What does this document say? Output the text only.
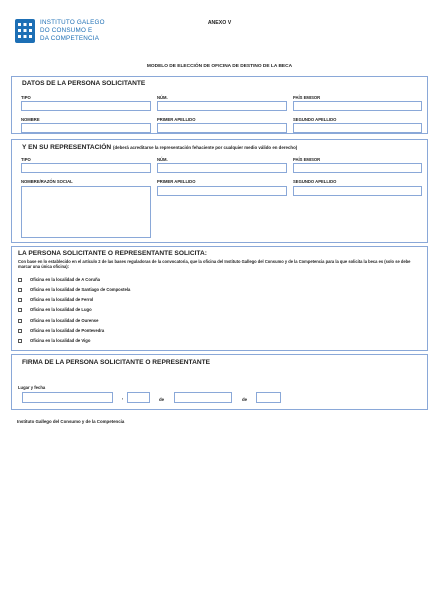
INSTITUTO GALEGO
DO CONSUMO E
DA COMPETENCIA
ANEXO V
MODELO DE ELECCIÓN DE OFICINA DE DESTINO DE LA BECA
DATOS DE LA PERSONA SOLICITANTE
TIPO	NÚM.	PAÍS EMISOR
NOMBRE	PRIMER APELLIDO	SEGUNDO APELLIDO
Y EN SU REPRESENTACIÓN (deberá acreditarse la representación fehaciente por cualquier medio válido en derecho)
TIPO	NÚM.	PAÍS EMISOR
NOMBRE/RAZÓN SOCIAL	PRIMER APELLIDO	SEGUNDO APELLIDO
LA PERSONA SOLICITANTE O REPRESENTANTE SOLICITA:
Con base en lo establecido en el artículo 2 de las bases reguladoras de la convocatoria, que la oficina del Instituto Gallego del Consumo y de la Competencia para la que solicita la beca es (solo se debe marcar una única oficina):
Oficina en la localidad de A Coruña
Oficina en la localidad de Santiago de Compostela
Oficina en la localidad de Ferrol
Oficina en la localidad de Lugo
Oficina en la localidad de Ourense
Oficina en la localidad de Pontevedra
Oficina en la localidad de Vigo
FIRMA DE LA PERSONA SOLICITANTE O REPRESENTANTE
Lugar y fecha
,	de	de
Instituto Gallego del Consumo y de la Competencia
